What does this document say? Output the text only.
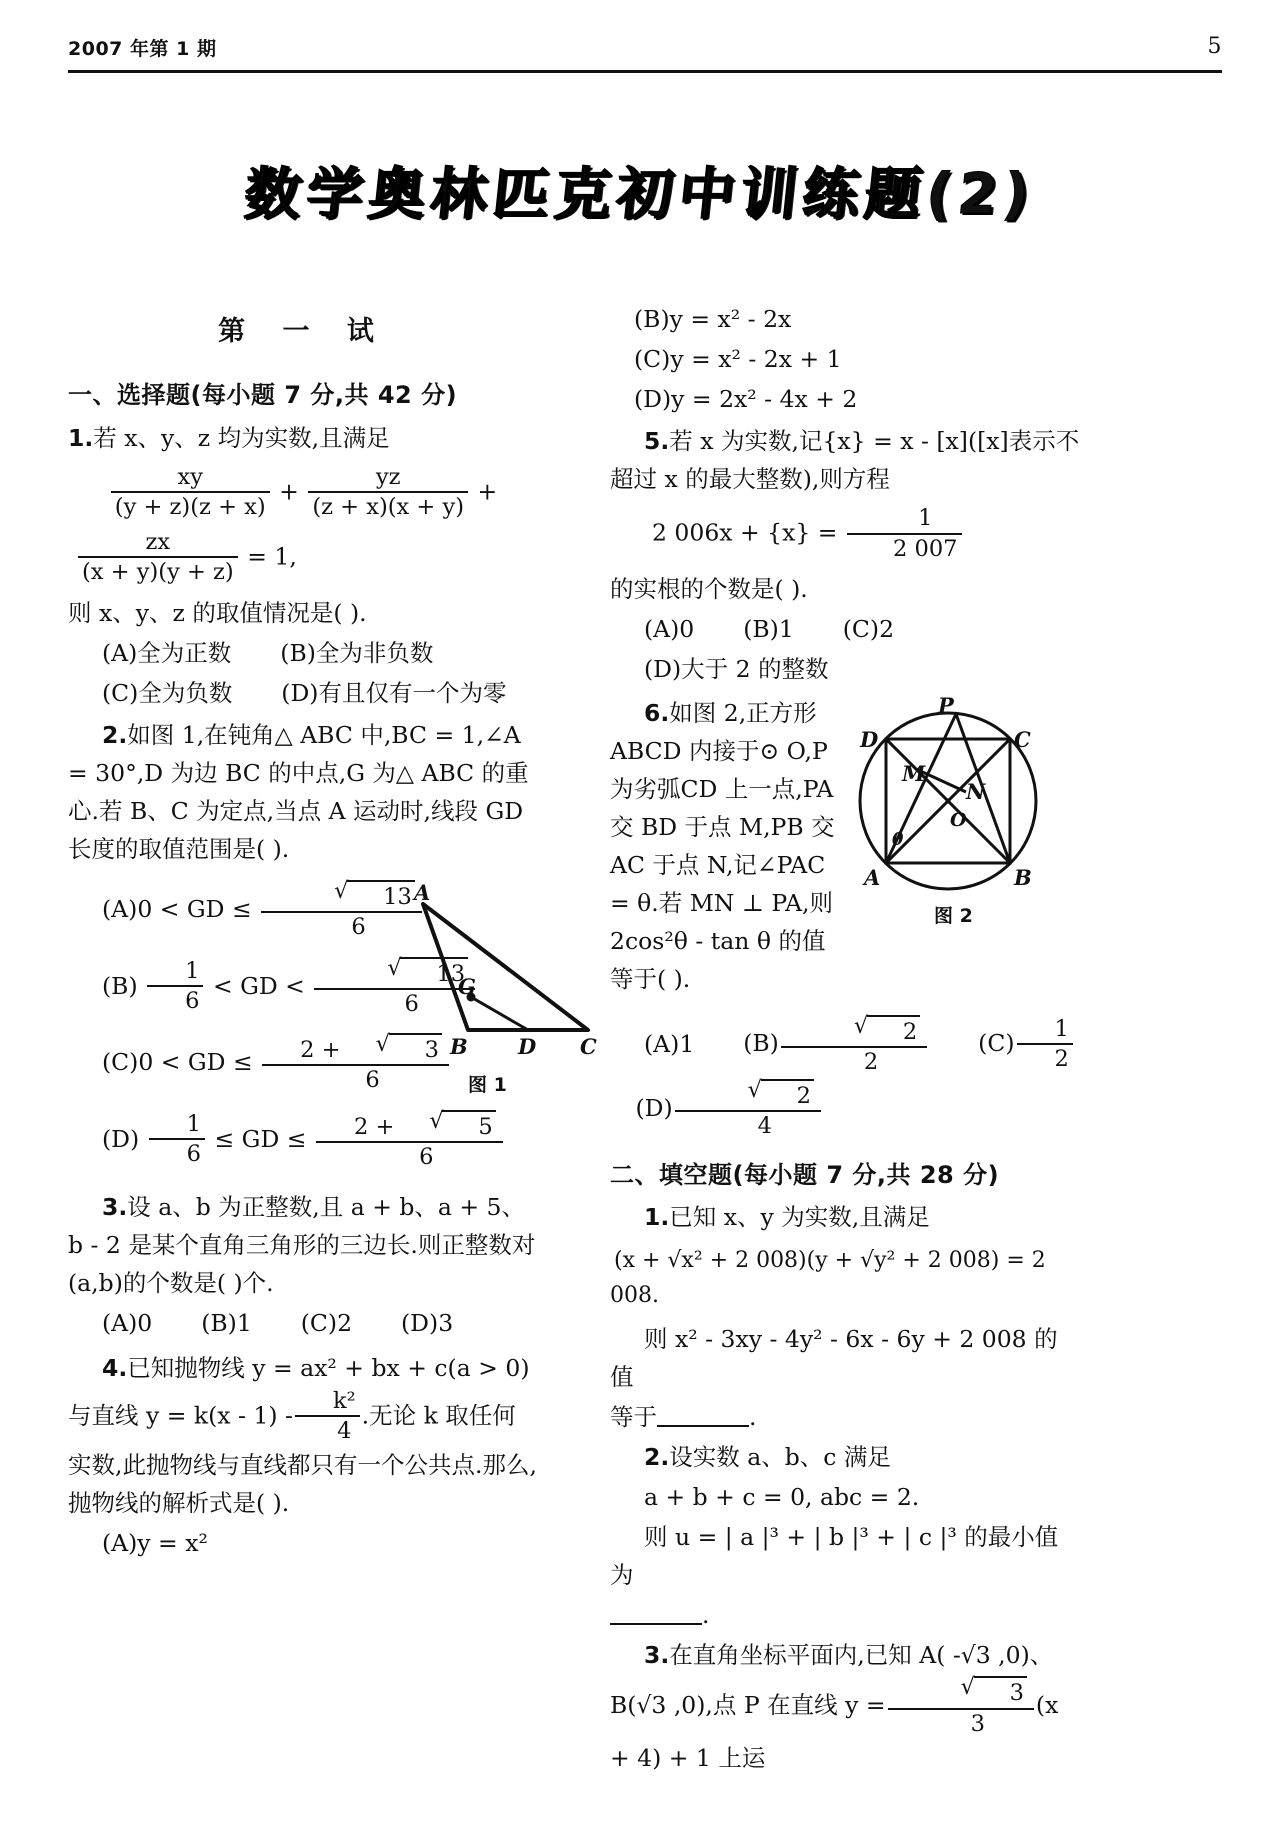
2007 年第 1 期	5
数学奥林匹克初中训练题(2)
第 一 试
一、选择题(每小题 7 分,共 42 分)
1.若 x、y、z 均为实数,且满足
$\frac{xy}{(y + z)(z + x)} + \frac{yz}{(z + x)(x + y)}$ +
$\frac{zx}{(x + y)(y + z)} = 1$,
则 x、y、z 的取值情况是( ).
(A)全为正数 (B)全为非负数
(C)全为负数 (D)有且仅有一个为零
2.如图 1,在钝角△ ABC 中,BC = 1,∠A = 30°,D 为边 BC 的中点,G 为△ ABC 的重心.若 B、C 为定点,当点 A 运动时,线段 GD 长度的取值范围是( ).
(A)0 < GD ≤ √ $\frac{13}{6}$
$(B) \frac{1}{6}$ < GD < √ $\frac{13}{6}$
(C)0 < GD ≤ 2 +	√ 3
6
$(D) \frac{1}{6}$ ≤ GD ≤ 2 +	√ 5
6
3.设 a、b 为正整数,且 a + b、a + 5、b - 2 是某个直角三角形的三边长.则正整数对 (a,b)的个数是( )个.
(A)0 (B)1 (C)2 (D)3
4.已知抛物线 y = ax² + bx + c(a > 0)与直线 $y = k(x - 1) - \frac{\text{k²}}{4}$ .无论 k 取任何实数,此抛物线与直线都只有一个公共点.那么,抛物线的解析式是( ).
(A)y = x²
A
B D C
G
图 1
(B)y = x² - 2x
(C)y = x² - 2x + 1
(D)y = 2x² - 4x + 2
5.若 x 为实数,记{x} = x - [x]([x]表示不超过 x 的最大整数),则方程
2 $006x + \{x\} = \frac{1}{2 007}$
的实根的个数是( ).
(A)0 (B)1 (C)2
(D)大于 2 的整数
6.如图 2,正方形 ABCD 内接于⊙ O,P 为劣弧CD 上一点,PA 交 BD 于点 M,PB 交 AC 于点 N,记∠PAC = θ.若 MN ⊥ PA,则 2cos²θ - tan θ 的值等于( ).
(A)1 (B) √ $\frac{2}{2} (C) \frac{1}{2}$
(D) √ $\frac{2}{4}$
二、填空题(每小题 7 分,共 28 分)
1.已知 x、y 为实数,且满足
(x + √x² + 2 008)(y + √y² + 2 008) = 2 008.
则 x² - 3xy - 4y² - 6x - 6y + 2 008 的值
等于	.
2.设实数 a、b、c 满足
a + b + c = 0, abc = 2.
则 u = | a |³ + | b |³ + | c |³ 的最小值为
.
3.在直角坐标平面内,已知 A( -√3 ,0)、B(√3 ,0),点 P 在直线 y = √ $\frac{3}{3} (x + 4) + 1$ 上运
P
D	C
A	B
M
N
O
θ
图 2
